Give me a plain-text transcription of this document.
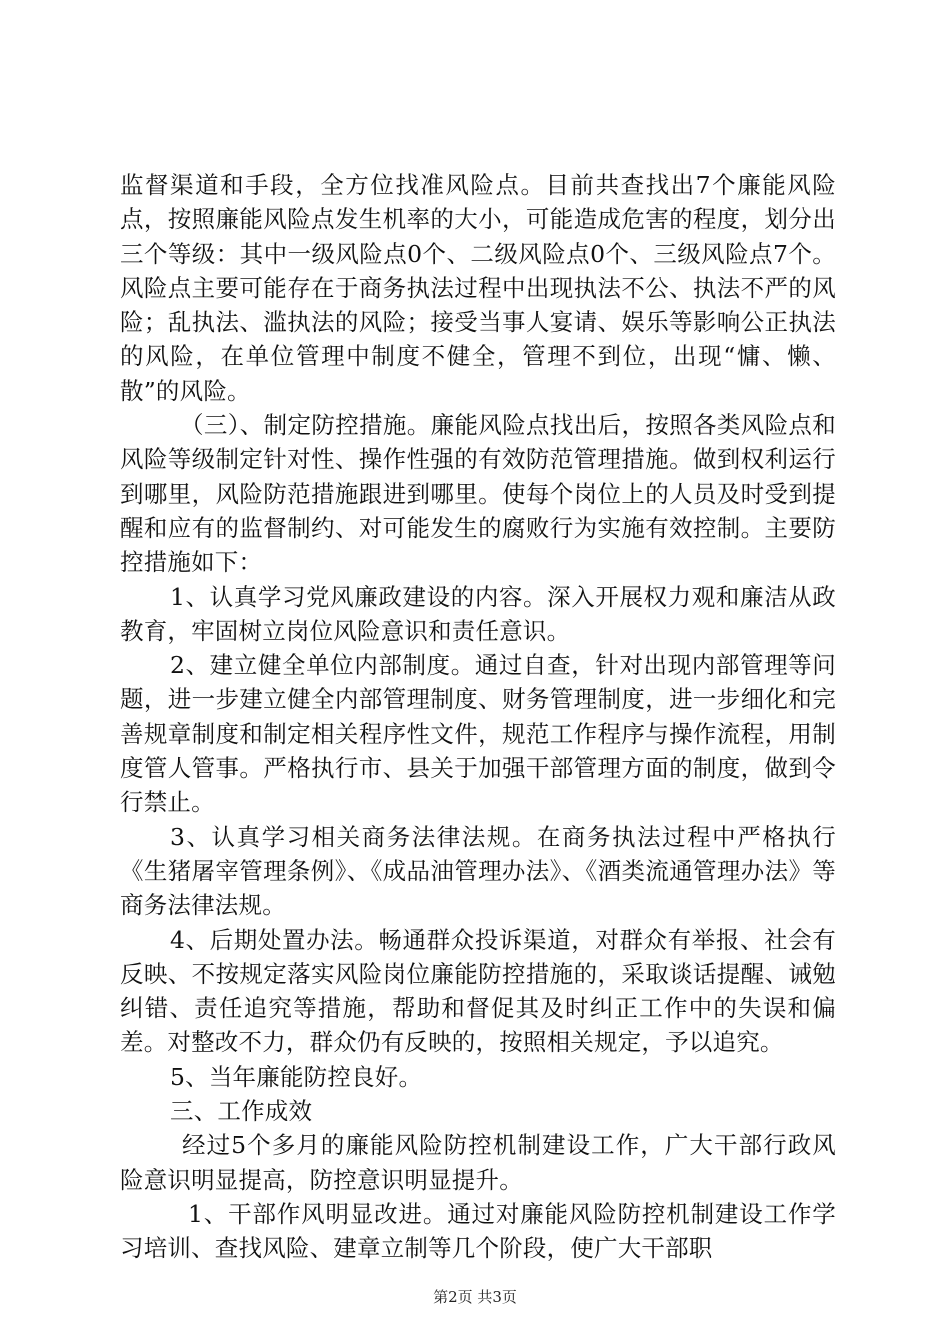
监督渠道和手段，全方位找准风险点。目前共查找出7个廉能风险点，按照廉能风险点发生机率的大小，可能造成危害的程度，划分出三个等级：其中一级风险点0个、二级风险点0个、三级风险点7个。风险点主要可能存在于商务执法过程中出现执法不公、执法不严的风险；乱执法、滥执法的风险；接受当事人宴请、娱乐等影响公正执法的风险，在单位管理中制度不健全，管理不到位，出现“慵、懒、散”的风险。

（三）、制定防控措施。廉能风险点找出后，按照各类风险点和风险等级制定针对性、操作性强的有效防范管理措施。做到权利运行到哪里，风险防范措施跟进到哪里。使每个岗位上的人员及时受到提醒和应有的监督制约、对可能发生的腐败行为实施有效控制。主要防控措施如下：

1、认真学习党风廉政建设的内容。深入开展权力观和廉洁从政教育，牢固树立岗位风险意识和责任意识。

2、建立健全单位内部制度。通过自查，针对出现内部管理等问题，进一步建立健全内部管理制度、财务管理制度，进一步细化和完善规章制度和制定相关程序性文件，规范工作程序与操作流程，用制度管人管事。严格执行市、县关于加强干部管理方面的制度，做到令行禁止。

3、认真学习相关商务法律法规。在商务执法过程中严格执行《生猪屠宰管理条例》、《成品油管理办法》、《酒类流通管理办法》等商务法律法规。

4、后期处置办法。畅通群众投诉渠道，对群众有举报、社会有反映、不按规定落实风险岗位廉能防控措施的，采取谈话提醒、诫勉纠错、责任追究等措施，帮助和督促其及时纠正工作中的失误和偏差。对整改不力，群众仍有反映的，按照相关规定，予以追究。

5、当年廉能防控良好。

三、工作成效

经过5个多月的廉能风险防控机制建设工作，广大干部行政风险意识明显提高，防控意识明显提升。

1、干部作风明显改进。通过对廉能风险防控机制建设工作学习培训、查找风险、建章立制等几个阶段，使广大干部职

第2页 共3页
